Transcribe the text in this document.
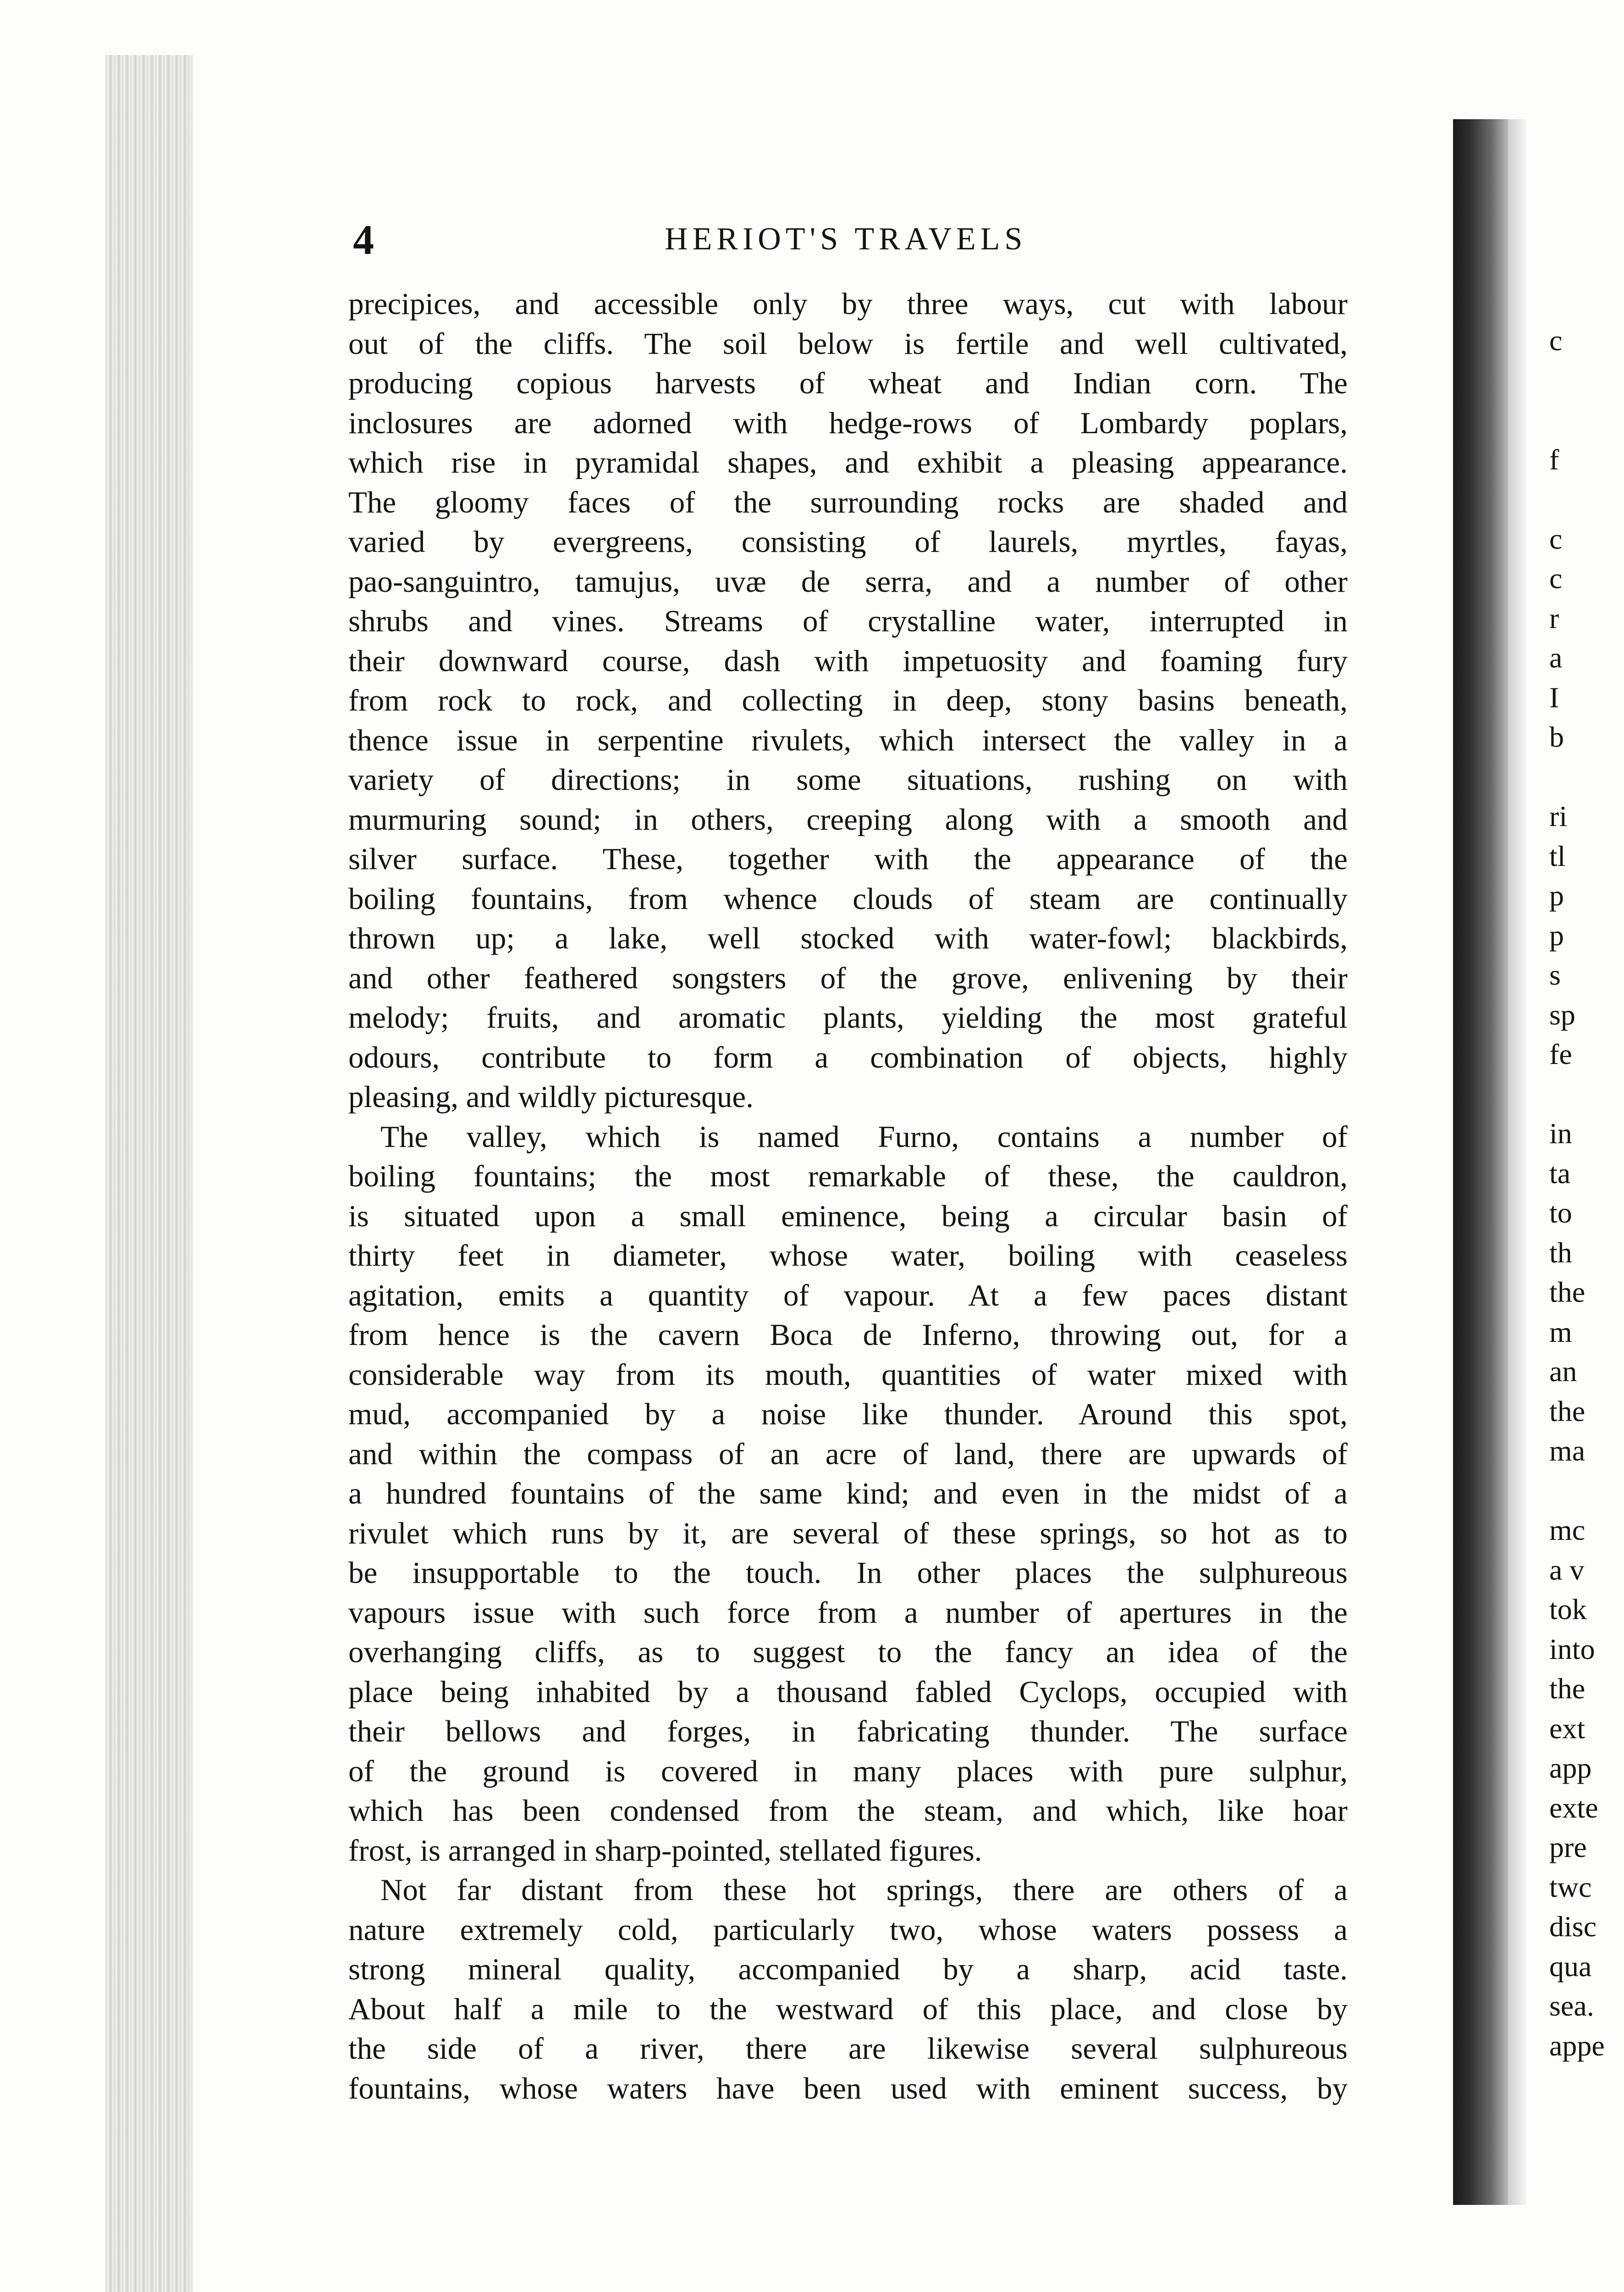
4	HERIOT'S TRAVELS
precipices, and accessible only by three ways, cut with labour
out of the cliffs. The soil below is fertile and well cultivated,
producing copious harvests of wheat and Indian corn. The
inclosures are adorned with hedge-rows of Lombardy poplars,
which rise in pyramidal shapes, and exhibit a pleasing appearance.
The gloomy faces of the surrounding rocks are shaded and
varied by evergreens, consisting of laurels, myrtles, fayas,
pao-sanguintro, tamujus, uvæ de serra, and a number of other
shrubs and vines. Streams of crystalline water, interrupted in
their downward course, dash with impetuosity and foaming fury
from rock to rock, and collecting in deep, stony basins beneath,
thence issue in serpentine rivulets, which intersect the valley in a
variety of directions; in some situations, rushing on with
murmuring sound; in others, creeping along with a smooth and
silver surface. These, together with the appearance of the
boiling fountains, from whence clouds of steam are continually
thrown up; a lake, well stocked with water-fowl; blackbirds,
and other feathered songsters of the grove, enlivening by their
melody; fruits, and aromatic plants, yielding the most grateful
odours, contribute to form a combination of objects, highly
pleasing, and wildly picturesque.
The valley, which is named Furno, contains a number of
boiling fountains; the most remarkable of these, the cauldron,
is situated upon a small eminence, being a circular basin of
thirty feet in diameter, whose water, boiling with ceaseless
agitation, emits a quantity of vapour. At a few paces distant
from hence is the cavern Boca de Inferno, throwing out, for a
considerable way from its mouth, quantities of water mixed with
mud, accompanied by a noise like thunder. Around this spot,
and within the compass of an acre of land, there are upwards of
a hundred fountains of the same kind; and even in the midst of a
rivulet which runs by it, are several of these springs, so hot as to
be insupportable to the touch. In other places the sulphureous
vapours issue with such force from a number of apertures in the
overhanging cliffs, as to suggest to the fancy an idea of the
place being inhabited by a thousand fabled Cyclops, occupied with
their bellows and forges, in fabricating thunder. The surface
of the ground is covered in many places with pure sulphur,
which has been condensed from the steam, and which, like hoar
frost, is arranged in sharp-pointed, stellated figures.
Not far distant from these hot springs, there are others of a
nature extremely cold, particularly two, whose waters possess a
strong mineral quality, accompanied by a sharp, acid taste.
About half a mile to the westward of this place, and close by
the side of a river, there are likewise several sulphureous
fountains, whose waters have been used with eminent success, by
c
f
c
c
r
a
I
b
ri
tl
p
p
s
sp
fe
in
ta
to
th
the
m
an
the
ma
mc
a v
tok
into
the
ext
app
exte
pre
twc
disc
qua
sea.
appe
